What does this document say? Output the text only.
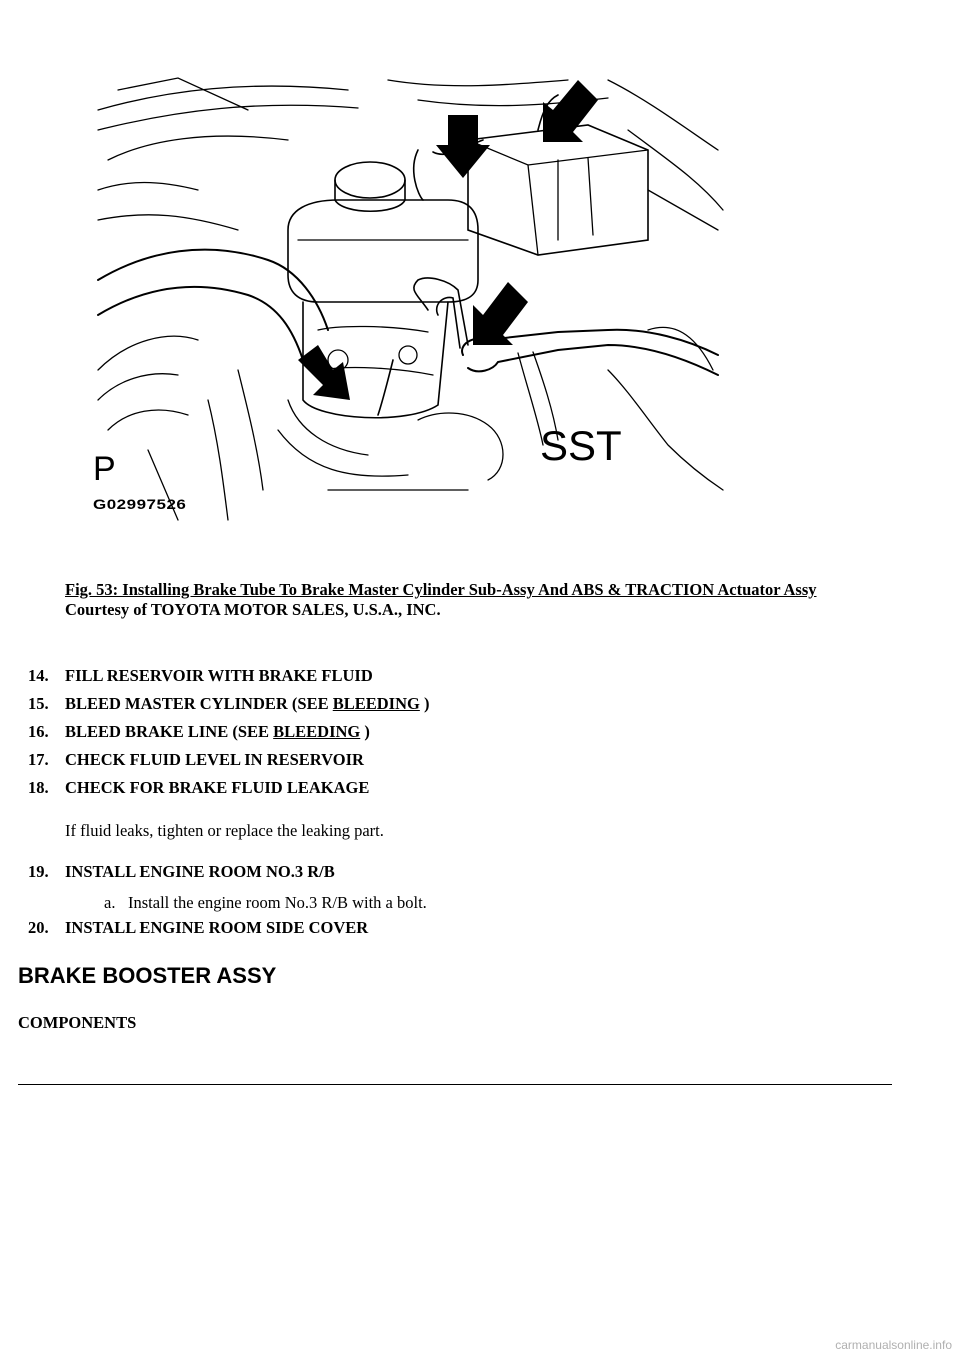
P
G02997526
SST
Fig. 53: Installing Brake Tube To Brake Master Cylinder Sub-Assy And ABS & TRACTION Actuator Assy
Courtesy of TOYOTA MOTOR SALES, U.S.A., INC.
14. FILL RESERVOIR WITH BRAKE FLUID
15. BLEED MASTER CYLINDER (SEE BLEEDING )
16. BLEED BRAKE LINE (SEE BLEEDING )
17. CHECK FLUID LEVEL IN RESERVOIR
18. CHECK FOR BRAKE FLUID LEAKAGE
19. INSTALL ENGINE ROOM NO.3 R/B
20. INSTALL ENGINE ROOM SIDE COVER
If fluid leaks, tighten or replace the leaking part.
a. Install the engine room No.3 R/B with a bolt.
BRAKE BOOSTER ASSY
COMPONENTS
carmanualsonline.info
